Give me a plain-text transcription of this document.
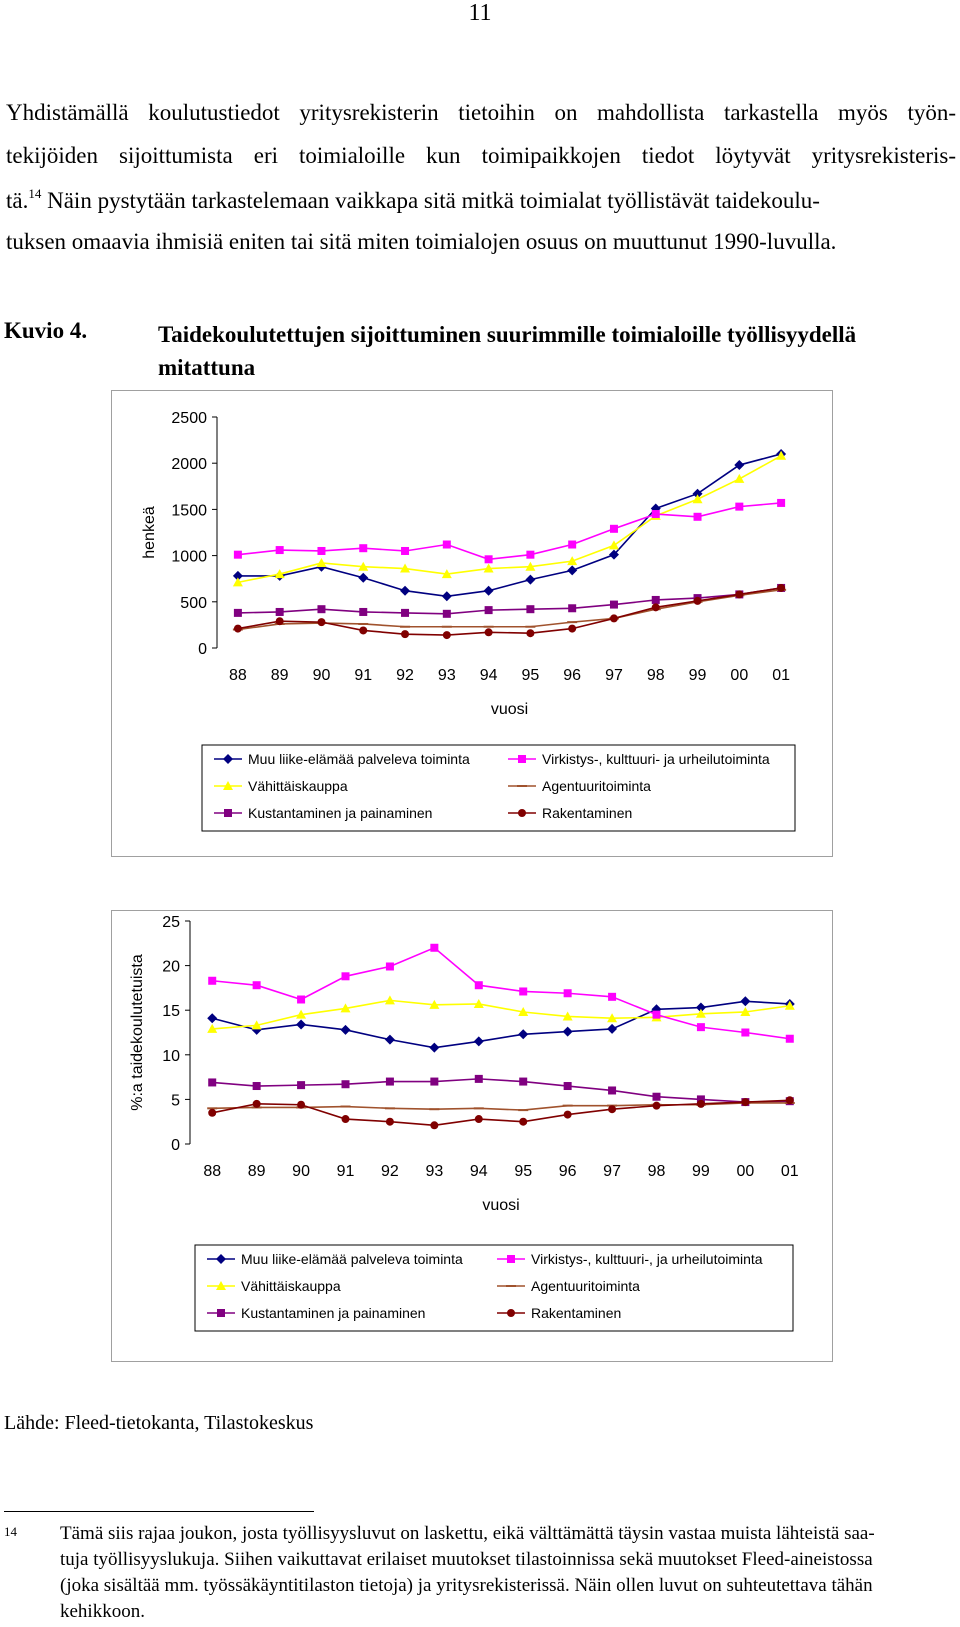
11
Yhdistämällä koulutustiedot yritysrekisterin tietoihin on mahdollista tarkastella myös työn-
tekijöiden sijoittumista eri toimialoille kun toimipaikkojen tiedot löytyvät yritysrekisteris-
tä.$^{14}$ Näin pystytään tarkastelemaan vaikkapa sitä mitkä toimialat työllistävät taidekoulu-
tuksen omaavia ihmisiä eniten tai sitä miten toimialojen osuus on muuttunut 1990-luvulla.
Kuvio 4.	Taidekoulutettujen sijoittuminen suurimmille toimialoille työllisyydellä mitattuna
0
500
1000
1500
2000
2500
88 89 90 91 92 93 94 95 96 97 98 99 00 01
vuosi
henkeä
Muu liike-elämää palveleva toiminta	Virkistys-, kulttuuri- ja urheilutoiminta
Vähittäiskauppa	Agentuuritoiminta
Kustantaminen ja painaminen	Rakentaminen
0
5
10
15
20
25
88 89 90 91 92 93 94 95 96 97 98 99 00 01
vuosi
%:a taidekoulutetuista
Muu liike-elämää palveleva toiminta	Virkistys-, kulttuuri-, ja urheilutoiminta
Vähittäiskauppa	Agentuuritoiminta
Kustantaminen ja painaminen	Rakentaminen
Lähde: Fleed-tietokanta, Tilastokeskus
14 Tämä siis rajaa joukon, josta työllisyysluvut on laskettu, eikä välttämättä täysin vastaa muista lähteistä saa-
tuja työllisyyslukuja. Siihen vaikuttavat erilaiset muutokset tilastoinnissa sekä muutokset Fleed-aineistossa
(joka sisältää mm. työssäkäyntitilaston tietoja) ja yritysrekisterissä. Näin ollen luvut on suhteutettava tähän
kehikkoon.
